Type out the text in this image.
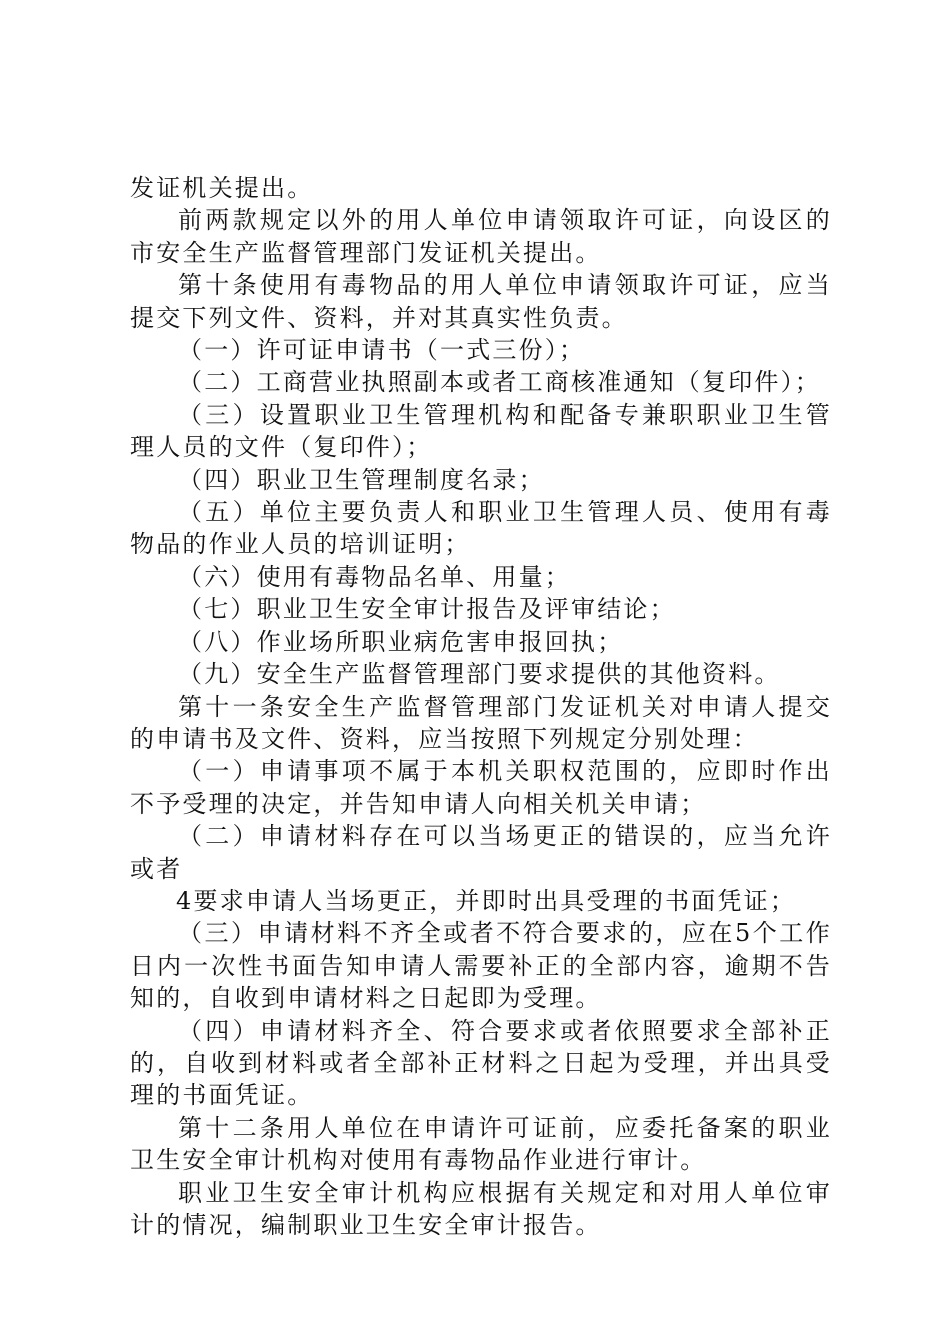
发证机关提出。

前两款规定以外的用人单位申请领取许可证，向设区的市安全生产监督管理部门发证机关提出。

第十条使用有毒物品的用人单位申请领取许可证，应当提交下列文件、资料，并对其真实性负责。

（一）许可证申请书（一式三份）；

（二）工商营业执照副本或者工商核准通知（复印件）；

（三）设置职业卫生管理机构和配备专兼职职业卫生管理人员的文件（复印件）；

（四）职业卫生管理制度名录；

（五）单位主要负责人和职业卫生管理人员、使用有毒物品的作业人员的培训证明；

（六）使用有毒物品名单、用量；

（七）职业卫生安全审计报告及评审结论；

（八）作业场所职业病危害申报回执；

（九）安全生产监督管理部门要求提供的其他资料。

第十一条安全生产监督管理部门发证机关对申请人提交的申请书及文件、资料，应当按照下列规定分别处理：

（一）申请事项不属于本机关职权范围的，应即时作出不予受理的决定，并告知申请人向相关机关申请；

（二）申请材料存在可以当场更正的错误的，应当允许或者

4要求申请人当场更正，并即时出具受理的书面凭证；

（三）申请材料不齐全或者不符合要求的，应在5个工作日内一次性书面告知申请人需要补正的全部内容，逾期不告知的，自收到申请材料之日起即为受理。

（四）申请材料齐全、符合要求或者依照要求全部补正的，自收到材料或者全部补正材料之日起为受理，并出具受理的书面凭证。

第十二条用人单位在申请许可证前，应委托备案的职业卫生安全审计机构对使用有毒物品作业进行审计。

职业卫生安全审计机构应根据有关规定和对用人单位审计的情况，编制职业卫生安全审计报告。
